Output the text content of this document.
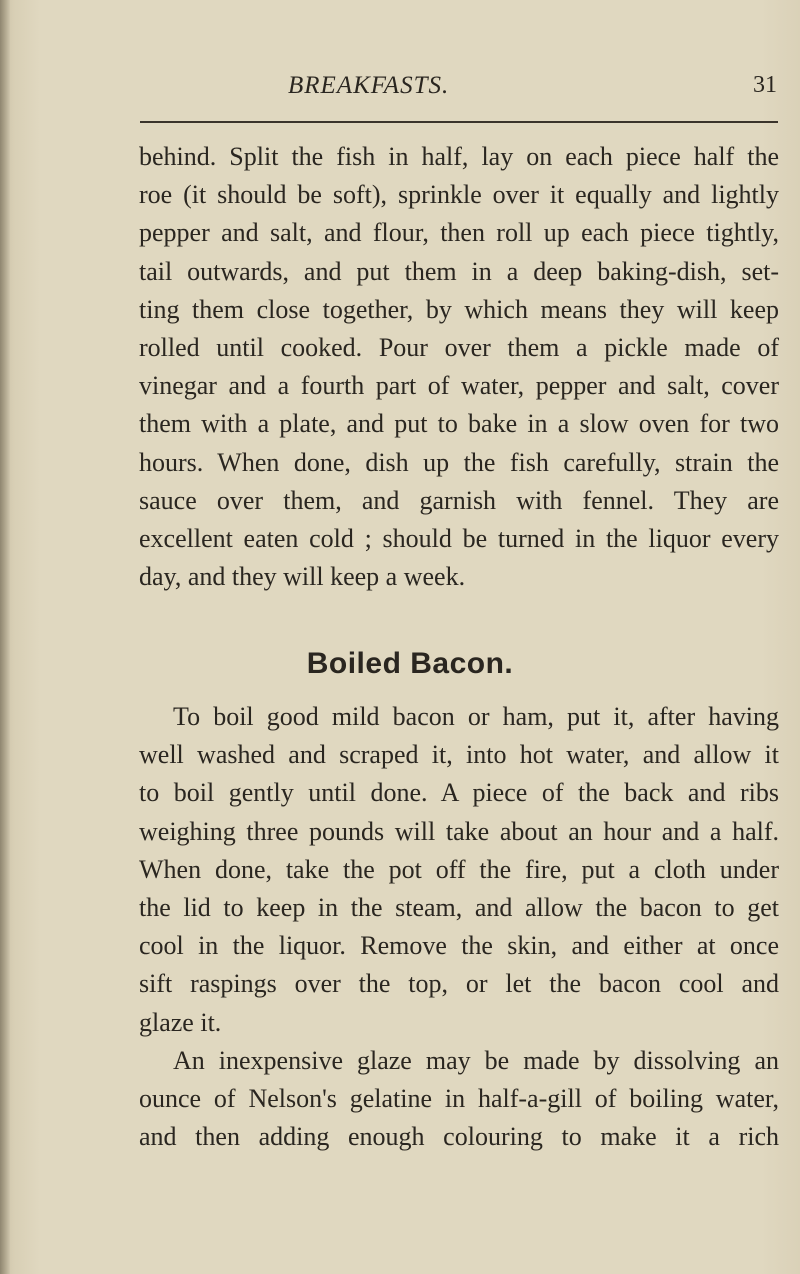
BREAKFASTS.	31
behind. Split the fish in half, lay on each piece half the
roe (it should be soft), sprinkle over it equally and lightly
pepper and salt, and flour, then roll up each piece tightly,
tail outwards, and put them in a deep baking-dish, set-
ting them close together, by which means they will keep
rolled until cooked. Pour over them a pickle made of
vinegar and a fourth part of water, pepper and salt, cover
them with a plate, and put to bake in a slow oven for two
hours. When done, dish up the fish carefully, strain the
sauce over them, and garnish with fennel. They are
excellent eaten cold ; should be turned in the liquor every
day, and they will keep a week.
Boiled Bacon.
To boil good mild bacon or ham, put it, after having
well washed and scraped it, into hot water, and allow it
to boil gently until done. A piece of the back and ribs
weighing three pounds will take about an hour and a half.
When done, take the pot off the fire, put a cloth under
the lid to keep in the steam, and allow the bacon to get
cool in the liquor. Remove the skin, and either at once
sift raspings over the top, or let the bacon cool and
glaze it.
An inexpensive glaze may be made by dissolving an
ounce of Nelson's gelatine in half-a-gill of boiling water,
and then adding enough colouring to make it a rich
